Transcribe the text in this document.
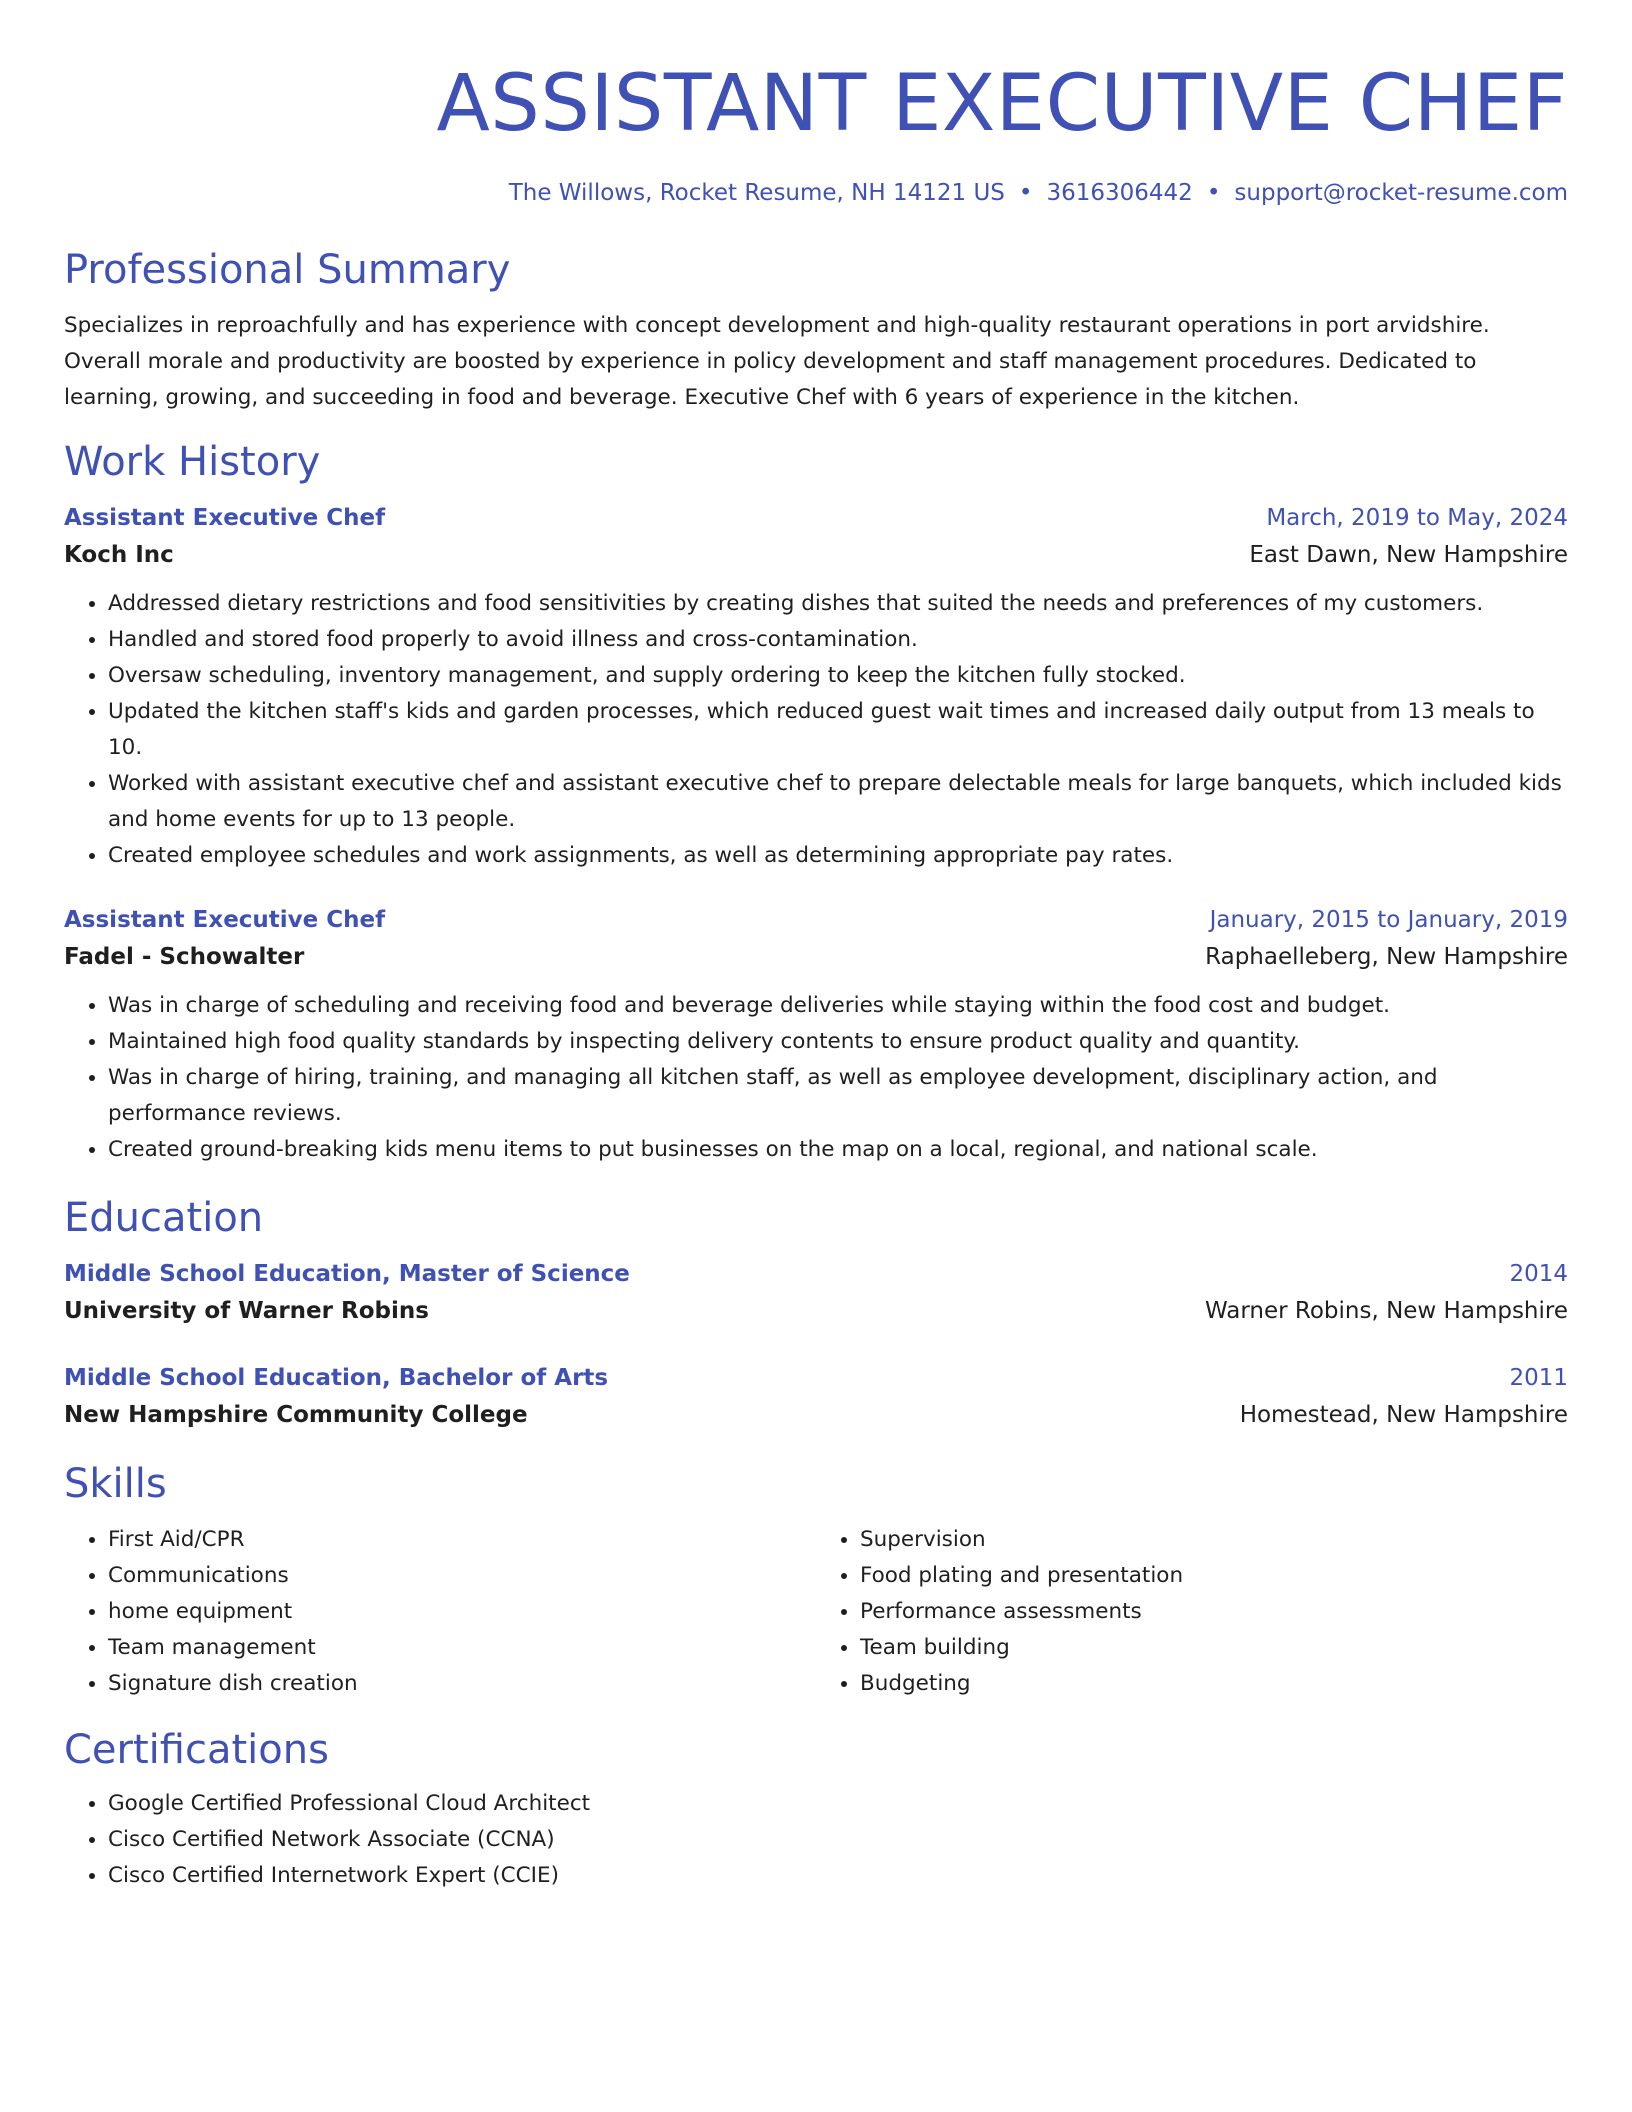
ASSISTANT EXECUTIVE CHEF
The Willows, Rocket Resume, NH 14121 US • 3616306442 • support@rocket-resume.com
Professional Summary

Specializes in reproachfully and has experience with concept development and high-quality restaurant operations in port arvidshire. Overall morale and productivity are boosted by experience in policy development and staff management procedures. Dedicated to learning, growing, and succeeding in food and beverage. Executive Chef with 6 years of experience in the kitchen.

Work History
Assistant Executive Chef	March, 2019 to May, 2024
Koch Inc	East Dawn, New Hampshire
• Addressed dietary restrictions and food sensitivities by creating dishes that suited the needs and preferences of my customers.
• Handled and stored food properly to avoid illness and cross-contamination.
• Oversaw scheduling, inventory management, and supply ordering to keep the kitchen fully stocked.
• Updated the kitchen staff's kids and garden processes, which reduced guest wait times and increased daily output from 13 meals to 10.
• Worked with assistant executive chef and assistant executive chef to prepare delectable meals for large banquets, which included kids and home events for up to 13 people.
• Created employee schedules and work assignments, as well as determining appropriate pay rates.
Assistant Executive Chef	January, 2015 to January, 2019
Fadel - Schowalter	Raphaelleberg, New Hampshire
• Was in charge of scheduling and receiving food and beverage deliveries while staying within the food cost and budget.
• Maintained high food quality standards by inspecting delivery contents to ensure product quality and quantity.
• Was in charge of hiring, training, and managing all kitchen staff, as well as employee development, disciplinary action, and performance reviews.
• Created ground-breaking kids menu items to put businesses on the map on a local, regional, and national scale.
Education
Middle School Education, Master of Science	2014
University of Warner Robins	Warner Robins, New Hampshire
Middle School Education, Bachelor of Arts	2011
New Hampshire Community College	Homestead, New Hampshire
Skills
• First Aid/CPR
• Communications
• home equipment
• Team management
• Signature dish creation
• Supervision
• Food plating and presentation
• Performance assessments
• Team building
• Budgeting
Certifications
• Google Certified Professional Cloud Architect
• Cisco Certified Network Associate (CCNA)
• Cisco Certified Internetwork Expert (CCIE)
